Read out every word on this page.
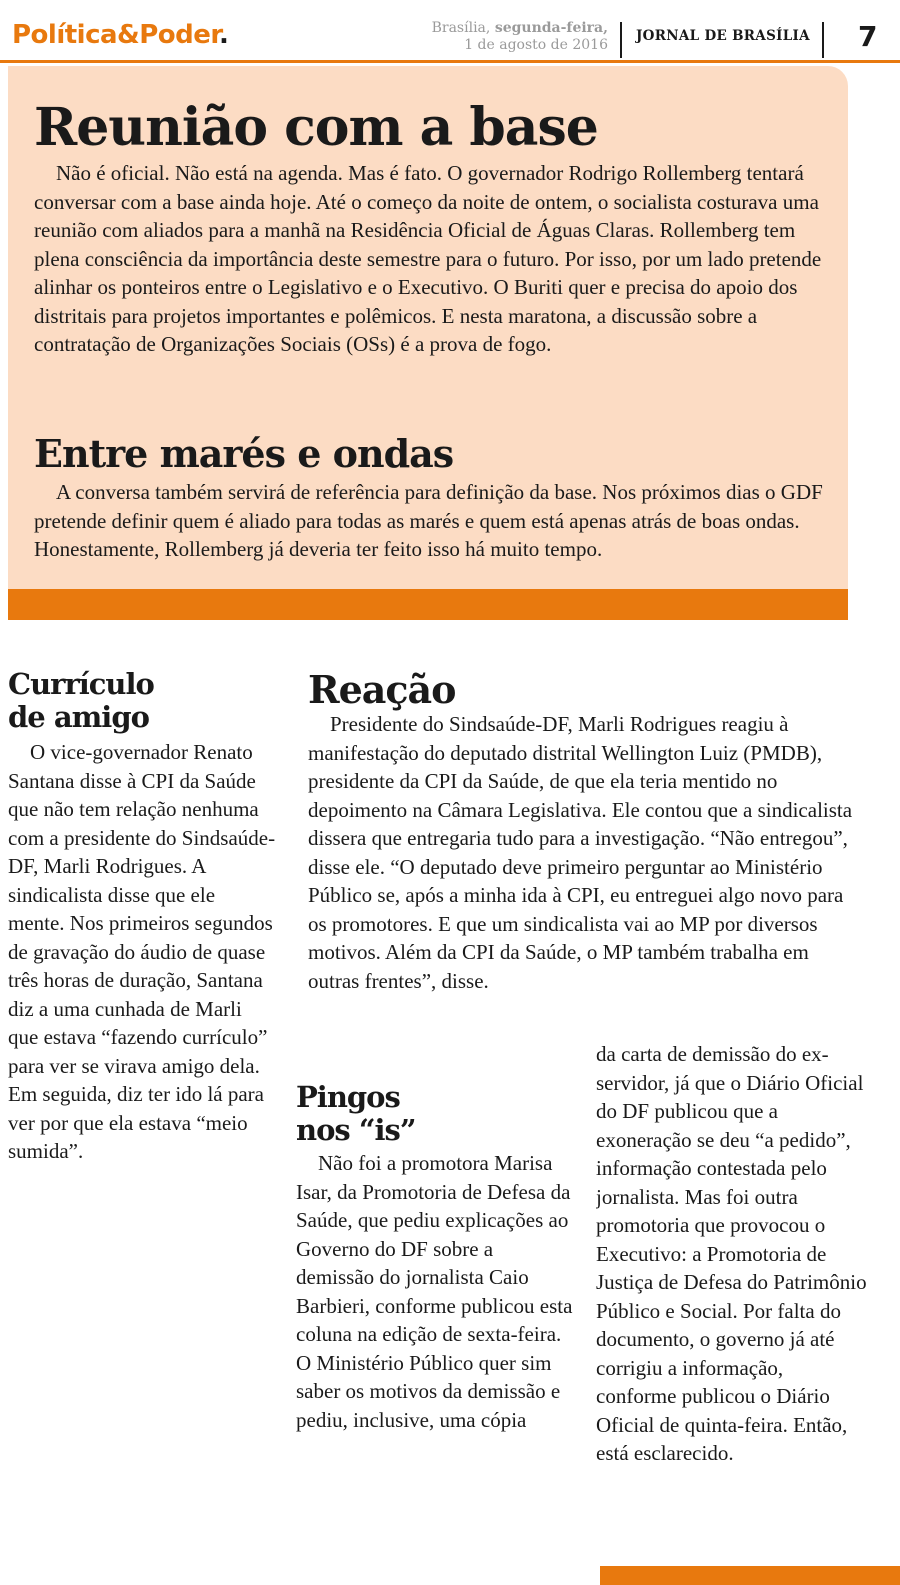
Política&Poder.	Brasília, segunda-feira,
1 de agosto de 2016
JORNAL DE BRASÍLIA 7
Reunião com a base

Não é oficial. Não está na agenda. Mas é fato. O governador Rodrigo Rollemberg tentará conversar com a base ainda hoje. Até o começo da noite de ontem, o socialista costurava uma reunião com aliados para a manhã na Residência Oficial de Águas Claras. Rollemberg tem plena consciência da importância deste semestre para o futuro. Por isso, por um lado pretende alinhar os ponteiros entre o Legislativo e o Executivo. O Buriti quer e precisa do apoio dos distritais para projetos importantes e polêmicos. E nesta maratona, a discussão sobre a contratação de Organizações Sociais (OSs) é a prova de fogo.

Entre marés e ondas

A conversa também servirá de referência para definição da base. Nos próximos dias o GDF pretende definir quem é aliado para todas as marés e quem está apenas atrás de boas ondas. Honestamente, Rollemberg já deveria ter feito isso há muito tempo.

Currículo
de amigo

O vice-governador Renato Santana disse à CPI da Saúde que não tem relação nenhuma com a presidente do Sindsaúde-DF, Marli Rodrigues. A sindicalista disse que ele mente. Nos primeiros segundos de gravação do áudio de quase três horas de duração, Santana diz a uma cunhada de Marli que estava “fazendo currículo” para ver se virava amigo dela. Em seguida, diz ter ido lá para ver por que ela estava “meio sumida”.

Reação

Presidente do Sindsaúde-DF, Marli Rodrigues reagiu à manifestação do deputado distrital Wellington Luiz (PMDB), presidente da CPI da Saúde, de que ela teria mentido no depoimento na Câmara Legislativa. Ele contou que a sindicalista dissera que entregaria tudo para a investigação. “Não entregou”, disse ele. “O deputado deve primeiro perguntar ao Ministério Público se, após a minha ida à CPI, eu entreguei algo novo para os promotores. E que um sindicalista vai ao MP por diversos motivos. Além da CPI da Saúde, o MP também trabalha em outras frentes”, disse.

Pingos
nos “is”

Não foi a promotora Marisa Isar, da Promotoria de Defesa da Saúde, que pediu explicações ao Governo do DF sobre a demissão do jornalista Caio Barbieri, conforme publicou esta coluna na edição de sexta-feira. O Ministério Público quer sim saber os motivos da demissão e pediu, inclusive, uma cópia

da carta de demissão do ex-servidor, já que o Diário Oficial do DF publicou que a exoneração se deu “a pedido”, informação contestada pelo jornalista. Mas foi outra promotoria que provocou o Executivo: a Promotoria de Justiça de Defesa do Patrimônio Público e Social. Por falta do documento, o governo já até corrigiu a informação, conforme publicou o Diário Oficial de quinta-feira. Então, está esclarecido.
